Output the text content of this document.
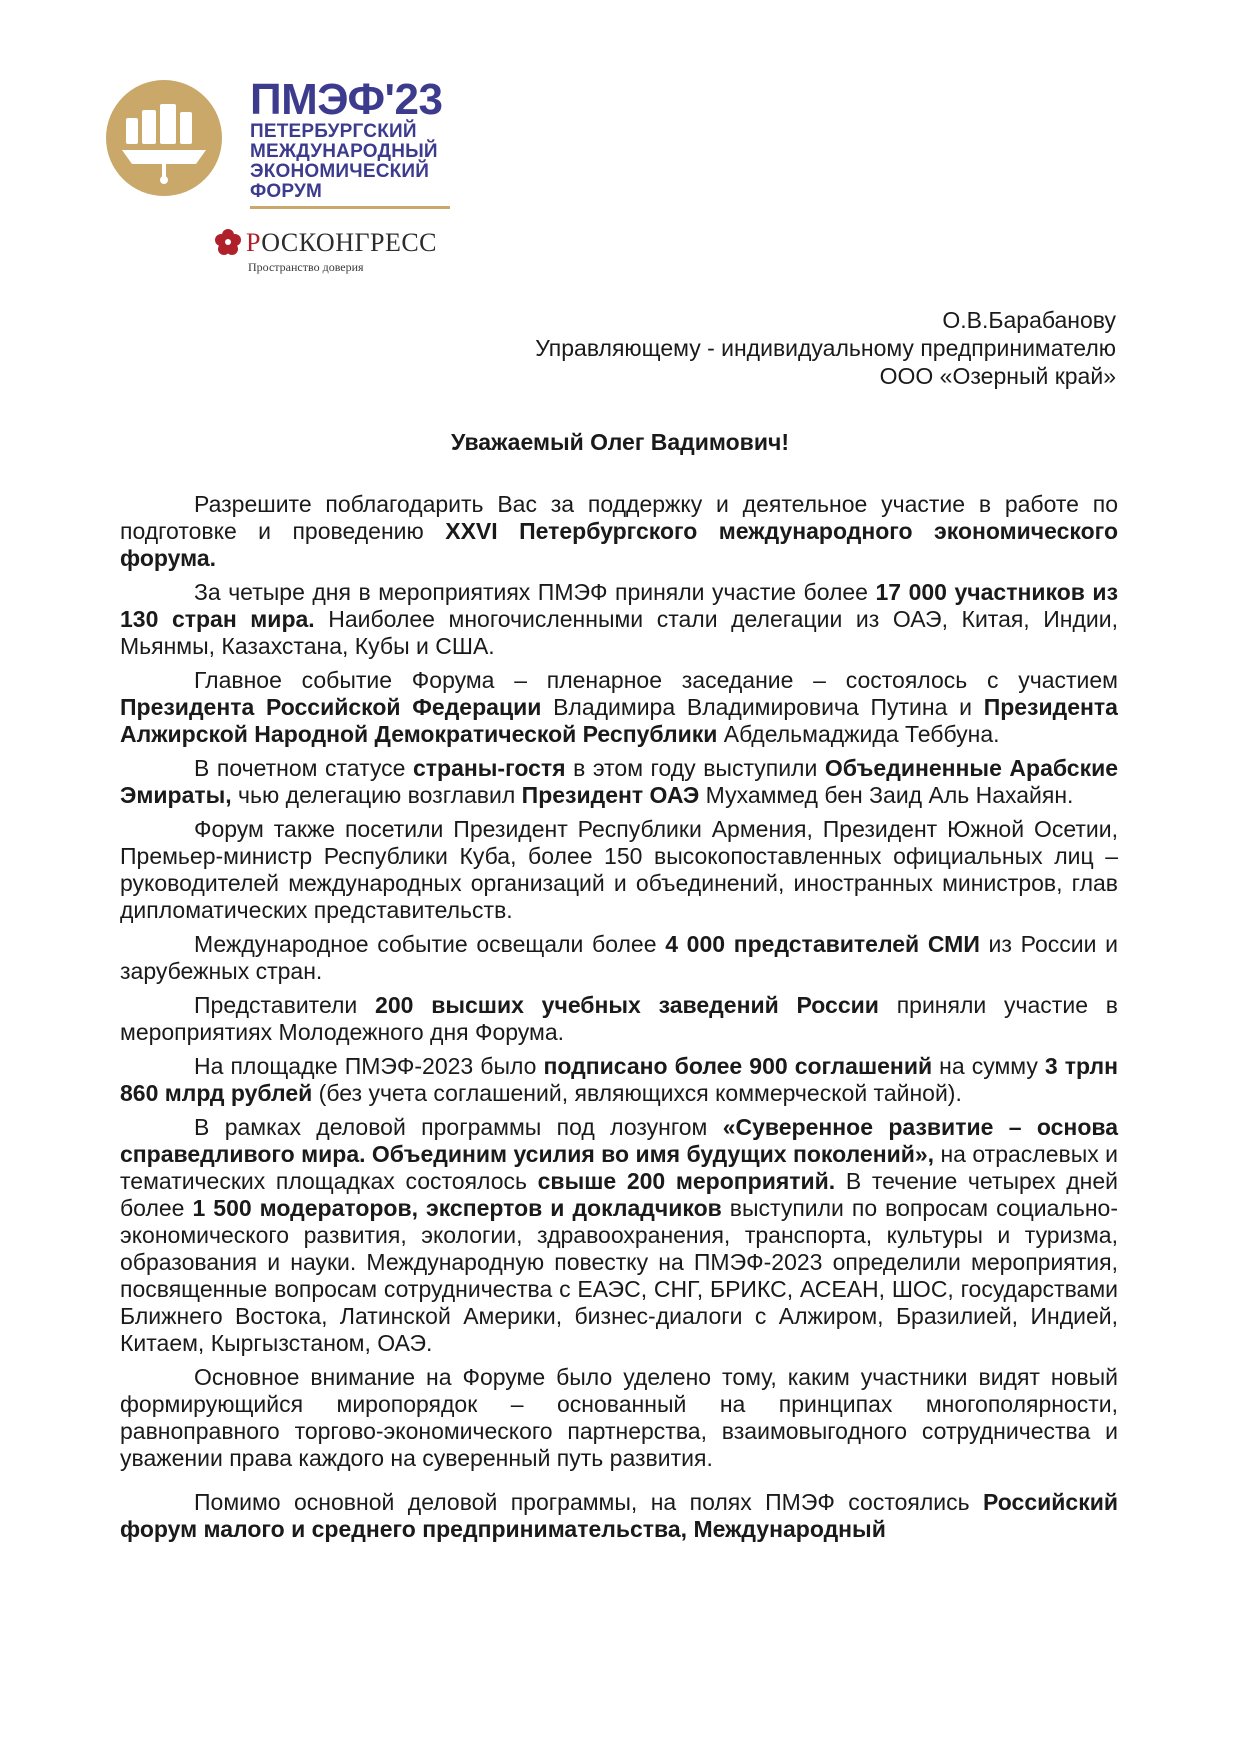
ПМЭФ'23
ПЕТЕРБУРГСКИЙ
МЕЖДУНАРОДНЫЙ
ЭКОНОМИЧЕСКИЙ
ФОРУМ
РОСКОНГРЕСС
Пространство доверия
О.В.Барабанову
Управляющему - индивидуальному предпринимателю
ООО «Озерный край»

Уважаемый Олег Вадимович!

Разрешите поблагодарить Вас за поддержку и деятельное участие в работе по подготовке и проведению XXVI Петербургского международного экономического форума.

За четыре дня в мероприятиях ПМЭФ приняли участие более 17 000 участников из 130 стран мира. Наиболее многочисленными стали делегации из ОАЭ, Китая, Индии, Мьянмы, Казахстана, Кубы и США.

Главное событие Форума – пленарное заседание – состоялось с участием Президента Российской Федерации Владимира Владимировича Путина и Президента Алжирской Народной Демократической Республики Абдельмаджида Теббуна.

В почетном статусе страны-гостя в этом году выступили Объединенные Арабские Эмираты, чью делегацию возглавил Президент ОАЭ Мухаммед бен Заид Аль Нахайян.

Форум также посетили Президент Республики Армения, Президент Южной Осетии, Премьер-министр Республики Куба, более 150 высокопоставленных официальных лиц – руководителей международных организаций и объединений, иностранных министров, глав дипломатических представительств.

Международное событие освещали более 4 000 представителей СМИ из России и зарубежных стран.

Представители 200 высших учебных заведений России приняли участие в мероприятиях Молодежного дня Форума.

На площадке ПМЭФ-2023 было подписано более 900 соглашений на сумму 3 трлн 860 млрд рублей (без учета соглашений, являющихся коммерческой тайной).

В рамках деловой программы под лозунгом «Суверенное развитие – основа справедливого мира. Объединим усилия во имя будущих поколений», на отраслевых и тематических площадках состоялось свыше 200 мероприятий. В течение четырех дней более 1 500 модераторов, экспертов и докладчиков выступили по вопросам социально-экономического развития, экологии, здравоохранения, транспорта, культуры и туризма, образования и науки. Международную повестку на ПМЭФ-2023 определили мероприятия, посвященные вопросам сотрудничества с ЕАЭС, СНГ, БРИКС, АСЕАН, ШОС, государствами Ближнего Востока, Латинской Америки, бизнес-диалоги с Алжиром, Бразилией, Индией, Китаем, Кыргызстаном, ОАЭ.

Основное внимание на Форуме было уделено тому, каким участники видят новый формирующийся миропорядок – основанный на принципах многополярности, равноправного торгово-экономического партнерства, взаимовыгодного сотрудничества и уважении права каждого на суверенный путь развития.

Помимо основной деловой программы, на полях ПМЭФ состоялись Российский форум малого и среднего предпринимательства, Международный
